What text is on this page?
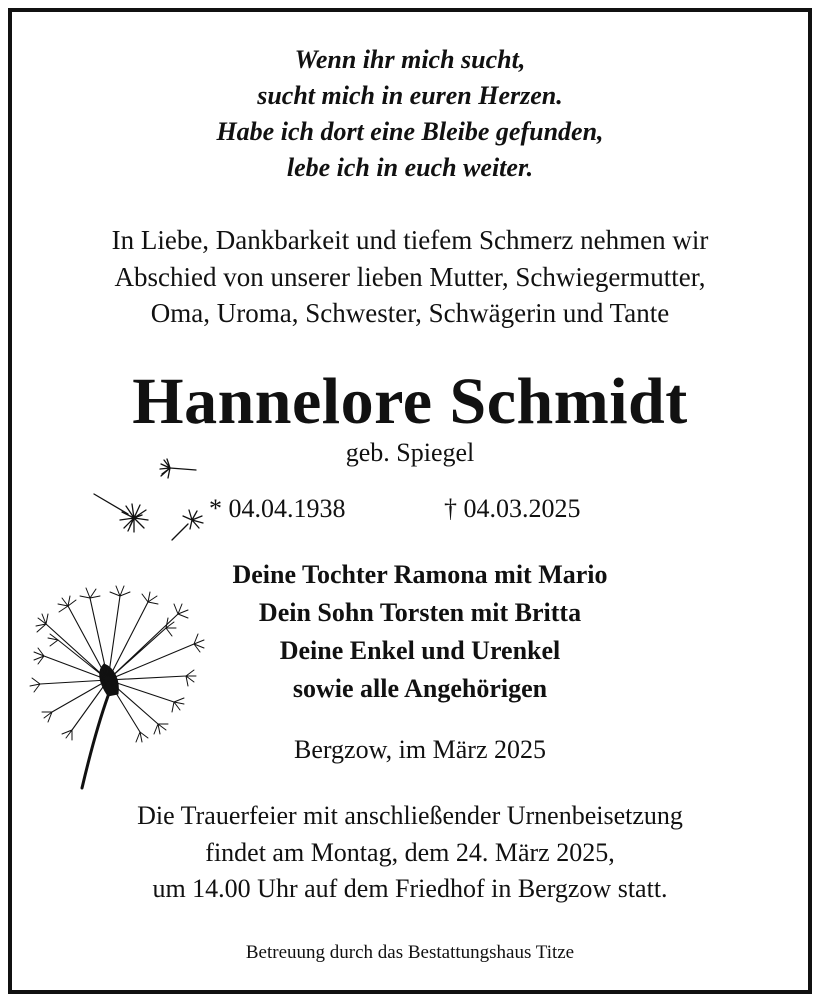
Wenn ihr mich sucht,
sucht mich in euren Herzen.
Habe ich dort eine Bleibe gefunden,
lebe ich in euch weiter.
In Liebe, Dankbarkeit und tiefem Schmerz nehmen wir
Abschied von unserer lieben Mutter, Schwiegermutter,
Oma, Uroma, Schwester, Schwägerin und Tante
Hannelore Schmidt
geb. Spiegel
* 04.04.1938	† 04.03.2025
Deine Tochter Ramona mit Mario
Dein Sohn Torsten mit Britta
Deine Enkel und Urenkel
sowie alle Angehörigen
Bergzow, im März 2025
Die Trauerfeier mit anschließender Urnenbeisetzung
findet am Montag, dem 24. März 2025,
um 14.00 Uhr auf dem Friedhof in Bergzow statt.
Betreuung durch das Bestattungshaus Titze
